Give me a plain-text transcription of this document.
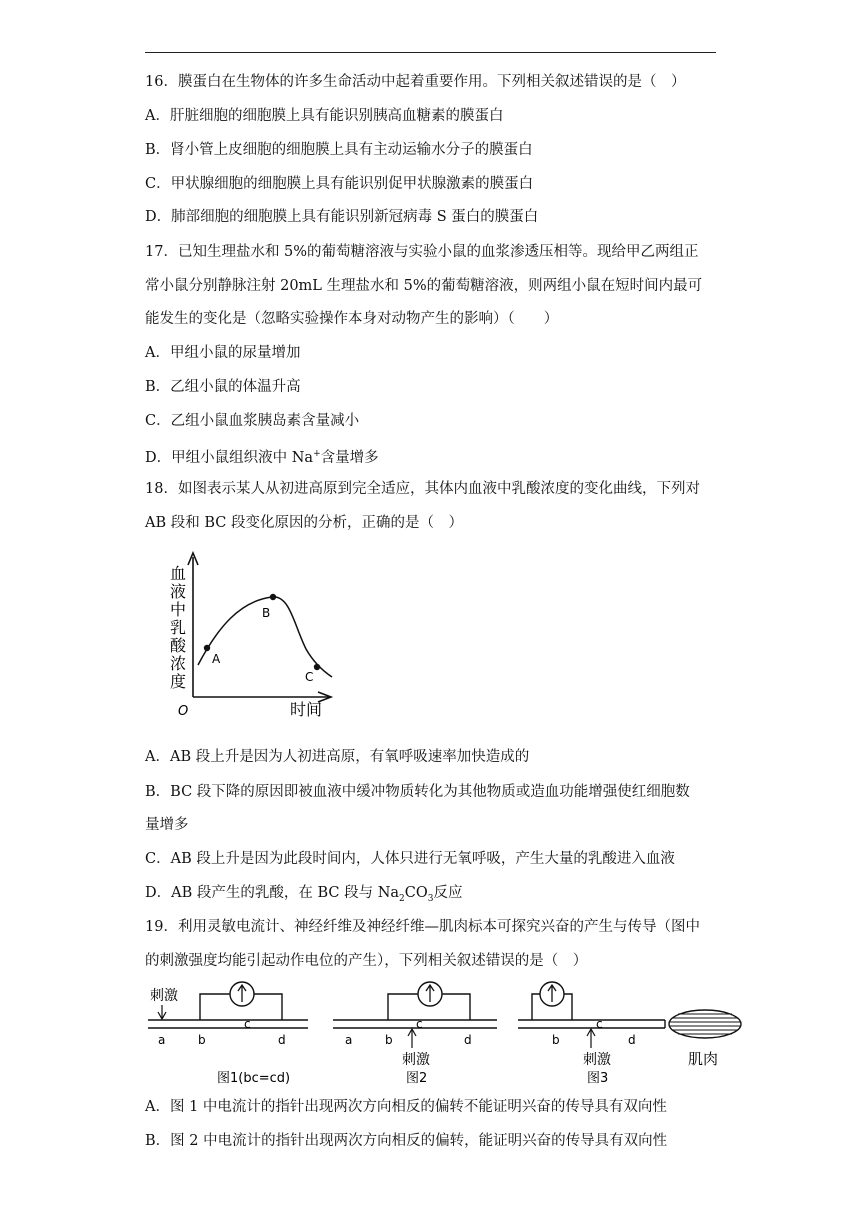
16．膜蛋白在生物体的许多生命活动中起着重要作用。下列相关叙述错误的是（　）
A．肝脏细胞的细胞膜上具有能识别胰高血糖素的膜蛋白
B．肾小管上皮细胞的细胞膜上具有主动运输水分子的膜蛋白
C．甲状腺细胞的细胞膜上具有能识别促甲状腺激素的膜蛋白
D．肺部细胞的细胞膜上具有能识别新冠病毒 S 蛋白的膜蛋白
17．已知生理盐水和 5%的葡萄糖溶液与实验小鼠的血浆渗透压相等。现给甲乙两组正
常小鼠分别静脉注射 20mL 生理盐水和 5%的葡萄糖溶液，则两组小鼠在短时间内最可
能发生的变化是（忽略实验操作本身对动物产生的影响）（　　）
A．甲组小鼠的尿量增加
B．乙组小鼠的体温升高
C．乙组小鼠血浆胰岛素含量减小
D．甲组小鼠组织液中 Na+含量增多
18．如图表示某人从初进高原到完全适应，其体内血液中乳酸浓度的变化曲线，下列对
AB 段和 BC 段变化原因的分析，正确的是（　）
血
液
中
乳
酸
浓
度
A
B
C
O	时间
A．AB 段上升是因为人初进高原，有氧呼吸速率加快造成的
B．BC 段下降的原因即被血液中缓冲物质转化为其他物质或造血功能增强使红细胞数
量增多
C．AB 段上升是因为此段时间内，人体只进行无氧呼吸，产生大量的乳酸进入血液
D．AB 段产生的乳酸，在 BC 段与 $Na_2CO_3$反应
19．利用灵敏电流计、神经纤维及神经纤维—肌肉标本可探究兴奋的产生与传导（图中
的刺激强度均能引起动作电位的产生），下列相关叙述错误的是（　）
刺激
a	b
c
d
图1(bc=cd)
a	b
c
d
刺激
图2
b
c
d
刺激
图3
肌肉
A．图 1 中电流计的指针出现两次方向相反的偏转不能证明兴奋的传导具有双向性
B．图 2 中电流计的指针出现两次方向相反的偏转，能证明兴奋的传导具有双向性
